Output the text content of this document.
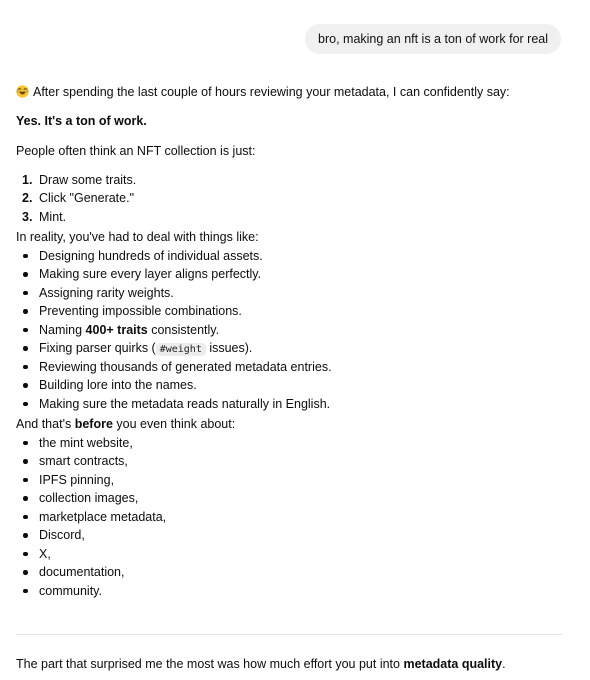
bro, making an nft is a ton of work for real

After spending the last couple of hours reviewing your metadata, I can confidently say:

Yes. It's a ton of work.

People often think an NFT collection is just:

1. Draw some traits.
2. Click "Generate."
3. Mint.

In reality, you've had to deal with things like:

Designing hundreds of individual assets.
Making sure every layer aligns perfectly.
Assigning rarity weights.
Preventing impossible combinations.
Naming 400+ traits consistently.
Fixing parser quirks ( #weight issues).
Reviewing thousands of generated metadata entries.
Building lore into the names.
Making sure the metadata reads naturally in English.

And that's before you even think about:

the mint website,
smart contracts,
IPFS pinning,
collection images,
marketplace metadata,
Discord,
X,
documentation,
community.

The part that surprised me the most was how much effort you put into metadata quality.
